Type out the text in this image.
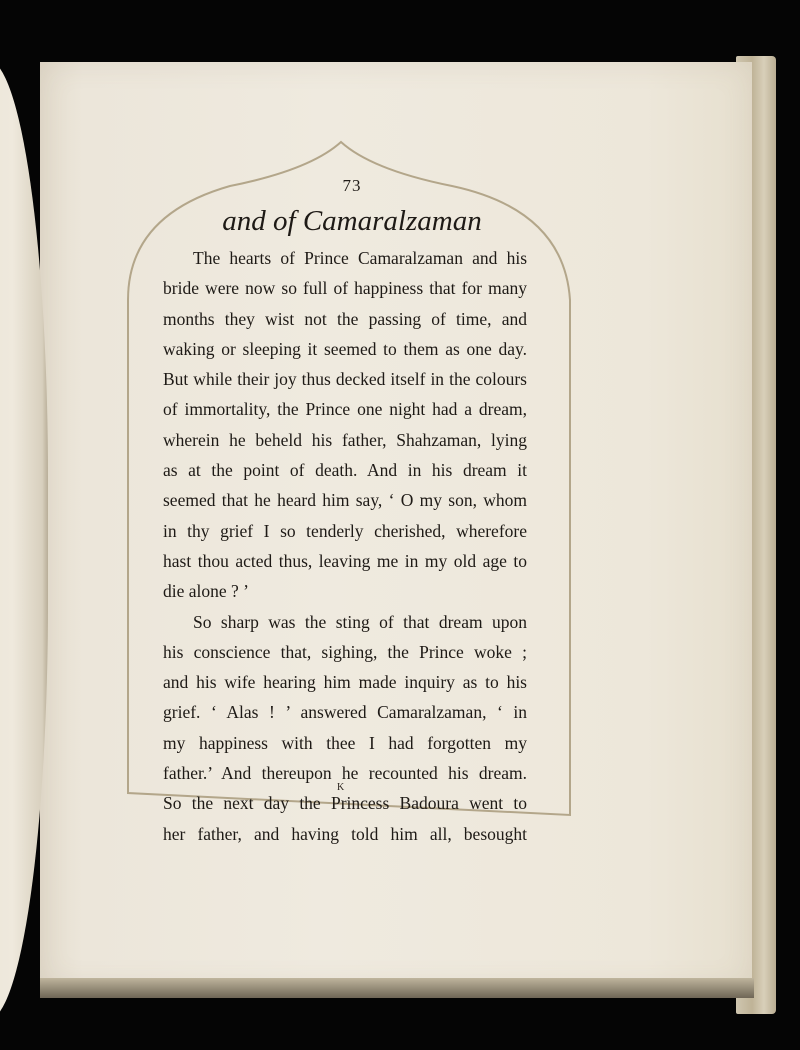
73
and of Camaralzaman

The hearts of Prince Camaralzaman and his
bride were now so full of happiness that for many
months they wist not the passing of time, and
waking or sleeping it seemed to them as one day.
But while their joy thus decked itself in the colours
of immortality, the Prince one night had a dream,
wherein he beheld his father, Shahzaman, lying
as at the point of death. And in his dream it
seemed that he heard him say, ‘ O my son, whom
in thy grief I so tenderly cherished, wherefore
hast thou acted thus, leaving me in my old age to
die alone ? ’

So sharp was the sting of that dream upon
his conscience that, sighing, the Prince woke ;
and his wife hearing him made inquiry as to his
grief. ‘ Alas ! ’ answered Camaralzaman, ‘ in
my happiness with thee I had forgotten my
father.’ And thereupon he recounted his dream.
So the next day the Princess Badoura went to
her father, and having told him all, besought

K
